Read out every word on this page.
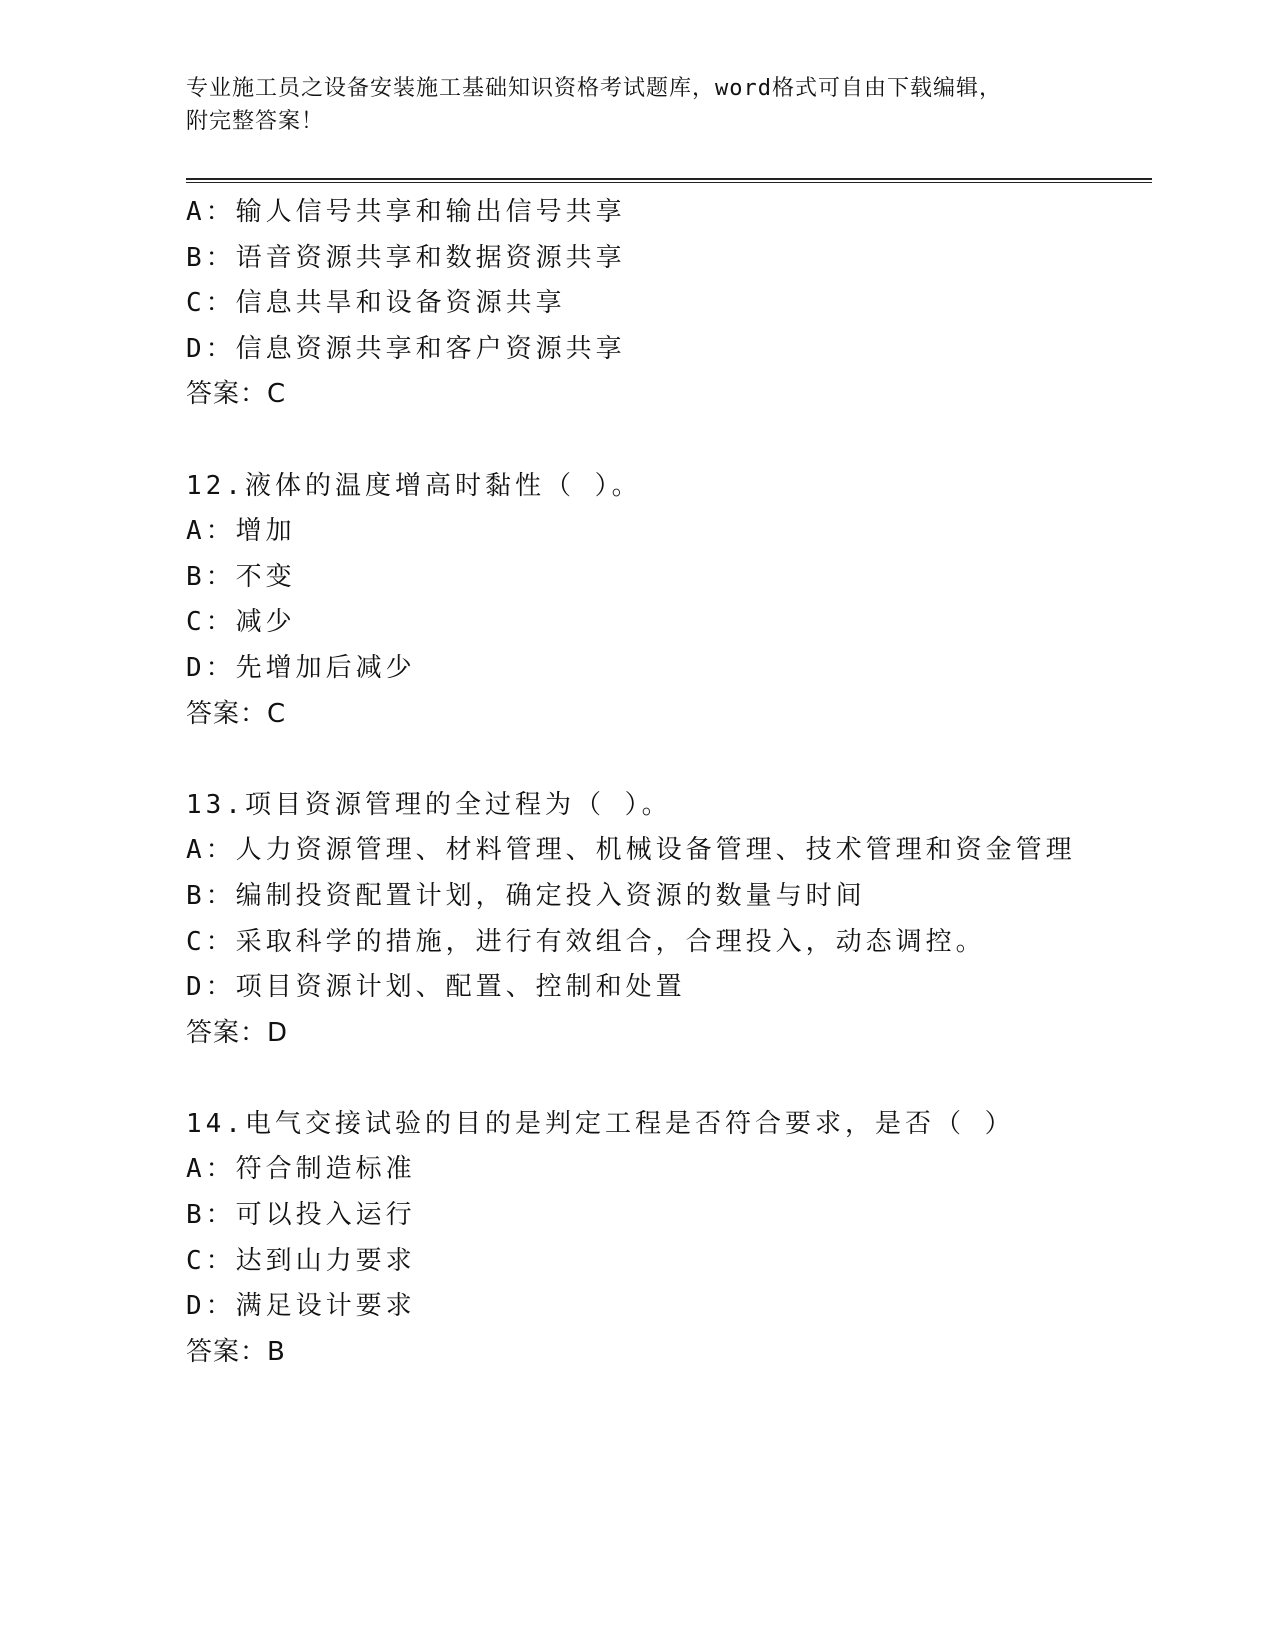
专业施工员之设备安装施工基础知识资格考试题库，word格式可自由下载编辑，
附完整答案！
A：输人信号共享和输出信号共享
B：语音资源共享和数据资源共享
C：信息共旱和设备资源共享
D：信息资源共享和客户资源共享
答案：C
12.液体的温度增高时黏性（ ）。
A：增加
B：不变
C：减少
D：先增加后减少
答案：C
13.项目资源管理的全过程为（ ）。
A：人力资源管理、材料管理、机械设备管理、技术管理和资金管理
B：编制投资配置计划，确定投入资源的数量与时间
C：采取科学的措施，进行有效组合，合理投入，动态调控。
D：项目资源计划、配置、控制和处置
答案：D
14.电气交接试验的目的是判定工程是否符合要求，是否（ ）
A：符合制造标准
B：可以投入运行
C：达到山力要求
D：满足设计要求
答案：B
